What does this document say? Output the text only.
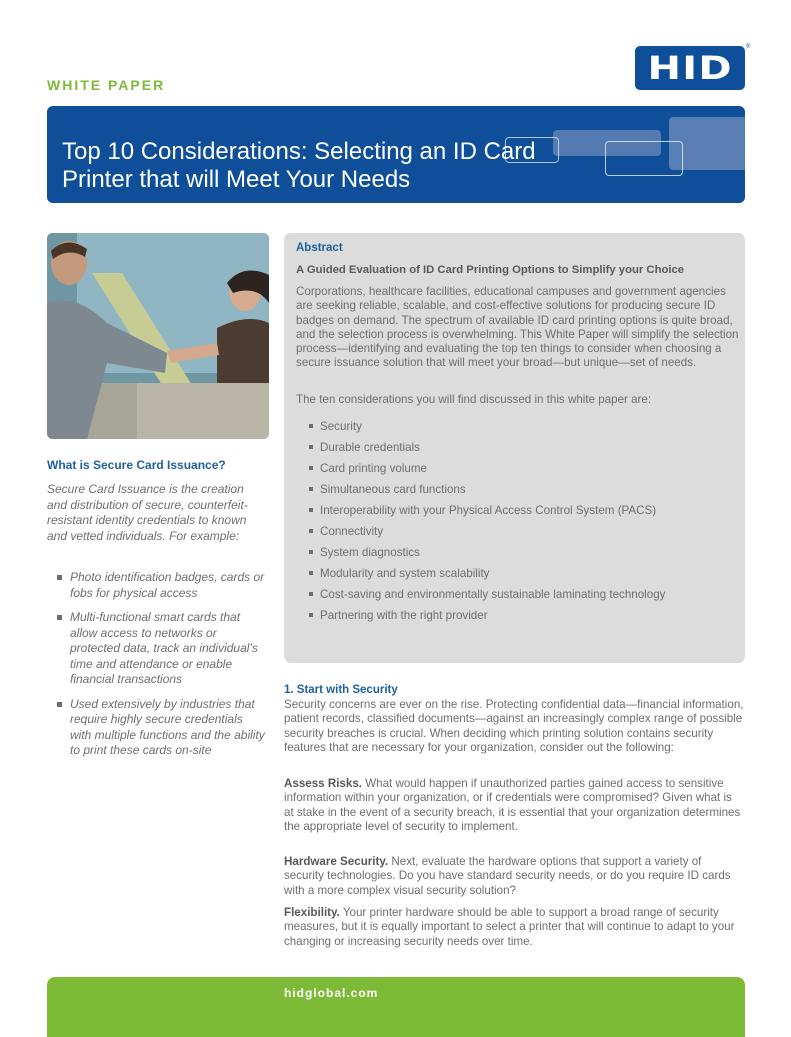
WHITE PAPER	HID
®
Top 10 Considerations: Selecting an ID Card
Printer that will Meet Your Needs
What is Secure Card Issuance?
Secure Card Issuance is the creation and distribution of secure, counterfeit-resistant identity credentials to known and vetted individuals. For example:
Photo identification badges, cards or fobs for physical access
Multi-functional smart cards that allow access to networks or protected data, track an individual’s time and attendance or enable financial transactions
Used extensively by industries that require highly secure credentials with multiple functions and the ability to print these cards on-site
Abstract
A Guided Evaluation of ID Card Printing Options to Simplify your Choice
Corporations, healthcare facilities, educational campuses and government agencies are seeking reliable, scalable, and cost-effective solutions for producing secure ID badges on demand. The spectrum of available ID card printing options is quite broad, and the selection process is overwhelming. This White Paper will simplify the selection process—identifying and evaluating the top ten things to consider when choosing a secure issuance solution that will meet your broad—but unique—set of needs.
The ten considerations you will find discussed in this white paper are:
Security
Durable credentials
Card printing volume
Simultaneous card functions
Interoperability with your Physical Access Control System (PACS)
Connectivity
System diagnostics
Modularity and system scalability
Cost-saving and environmentally sustainable laminating technology
Partnering with the right provider
1. Start with Security
Security concerns are ever on the rise. Protecting confidential data—financial information, patient records, classified documents—against an increasingly complex range of possible security breaches is crucial. When deciding which printing solution contains security features that are necessary for your organization, consider out the following:
Assess Risks. What would happen if unauthorized parties gained access to sensitive information within your organization, or if credentials were compromised? Given what is at stake in the event of a security breach, it is essential that your organization determines the appropriate level of security to implement.
Hardware Security. Next, evaluate the hardware options that support a variety of security technologies. Do you have standard security needs, or do you require ID cards with a more complex visual security solution?
Flexibility. Your printer hardware should be able to support a broad range of security measures, but it is equally important to select a printer that will continue to adapt to your changing or increasing security needs over time.
hidglobal.com
